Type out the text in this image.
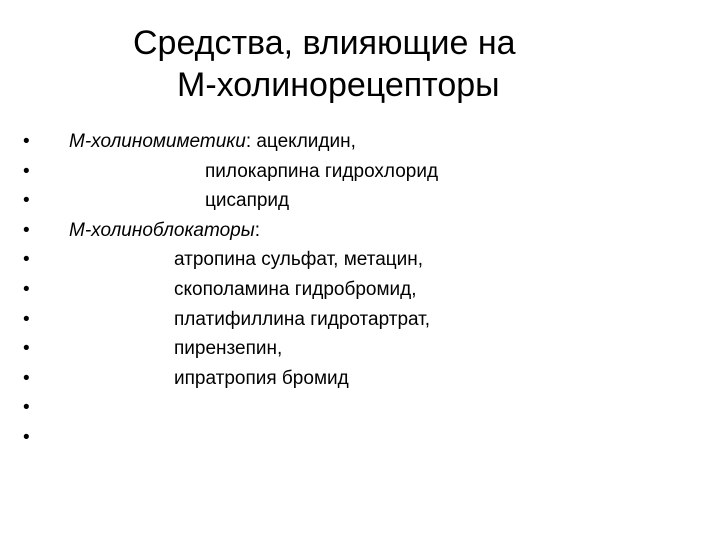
Средства, влияющие на
М-холинорецепторы
• М-холиномиметики: ацеклидин,
•	пилокарпина гидрохлорид
•	цисаприд
• М-холиноблокаторы:
•	атропина сульфат, метацин,
•	скополамина гидробромид,
•	платифиллина гидротартрат,
•	пирензепин,
•	ипратропия бромид
•
•
